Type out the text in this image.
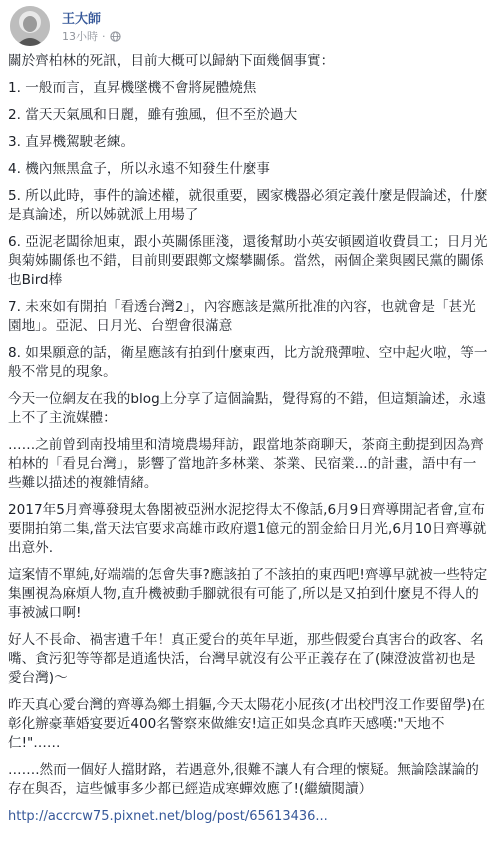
王大師
13小時 ·

關於齊柏林的死訊，目前大概可以歸納下面幾個事實：

1. 一般而言，直昇機墜機不會將屍體燒焦

2. 當天天氣風和日麗，雖有強風，但不至於過大

3. 直昇機駕駛老練。

4. 機內無黑盒子，所以永遠不知發生什麼事

5. 所以此時，事件的論述權，就很重要，國家機器必須定義什麼是假論述，什麼是真論述，所以姊就派上用場了

6. 亞泥老闆徐旭東，跟小英關係匪淺，還後幫助小英安頓國道收費員工；日月光與菊姊關係也不錯，目前則要跟鄭文燦攀關係。當然，兩個企業與國民黨的關係也Bird棒

7. 未來如有開拍「看透台灣2」，內容應該是黨所批准的內容，也就會是「甚光園地」。亞泥、日月光、台塑會很滿意

8. 如果願意的話，衛星應該有拍到什麼東西，比方說飛彈啦、空中起火啦，等一般不常見的現象。

今天一位網友在我的blog上分享了這個論點，覺得寫的不錯，但這類論述，永遠上不了主流媒體：

……之前曾到南投埔里和清境農場拜訪，跟當地茶商聊天，茶商主動提到因為齊柏林的「看見台灣」，影響了當地許多林業、茶業、民宿業...的計畫，語中有一些難以描述的複雜情緒。

2017年5月齊導發現太魯閣被亞洲水泥挖得太不像話,6月9日齊導開記者會,宣布要開拍第二集,當天法官要求高雄市政府還1億元的罰金給日月光,6月10日齊導就出意外.

這案情不單純,好端端的怎會失事?應該拍了不該拍的東西吧!齊導早就被一些特定集團視為麻煩人物,直升機被動手腳就很有可能了,所以是又拍到什麼見不得人的事被滅口啊!

好人不長命、禍害遺千年！真正愛台的英年早逝，那些假愛台真害台的政客、名嘴、貪污犯等等都是逍遙快活，台灣早就沒有公平正義存在了(陳澄波當初也是愛台灣)～

昨天真心愛台灣的齊導為鄉土捐軀,今天太陽花小屁孩(才出校門沒工作要留學)在彰化辦豪華婚宴要近400名警察來做維安!這正如吳念真昨天感嘆:"天地不仁!"……

…….然而一個好人擋財路，若遇意外,很難不讓人有合理的懷疑。無論陰謀論的存在與否，這些慽事多少都已經造成寒蟬效應了!(繼續閱讀）

http://accrcw75.pixnet.net/blog/post/65613436...
